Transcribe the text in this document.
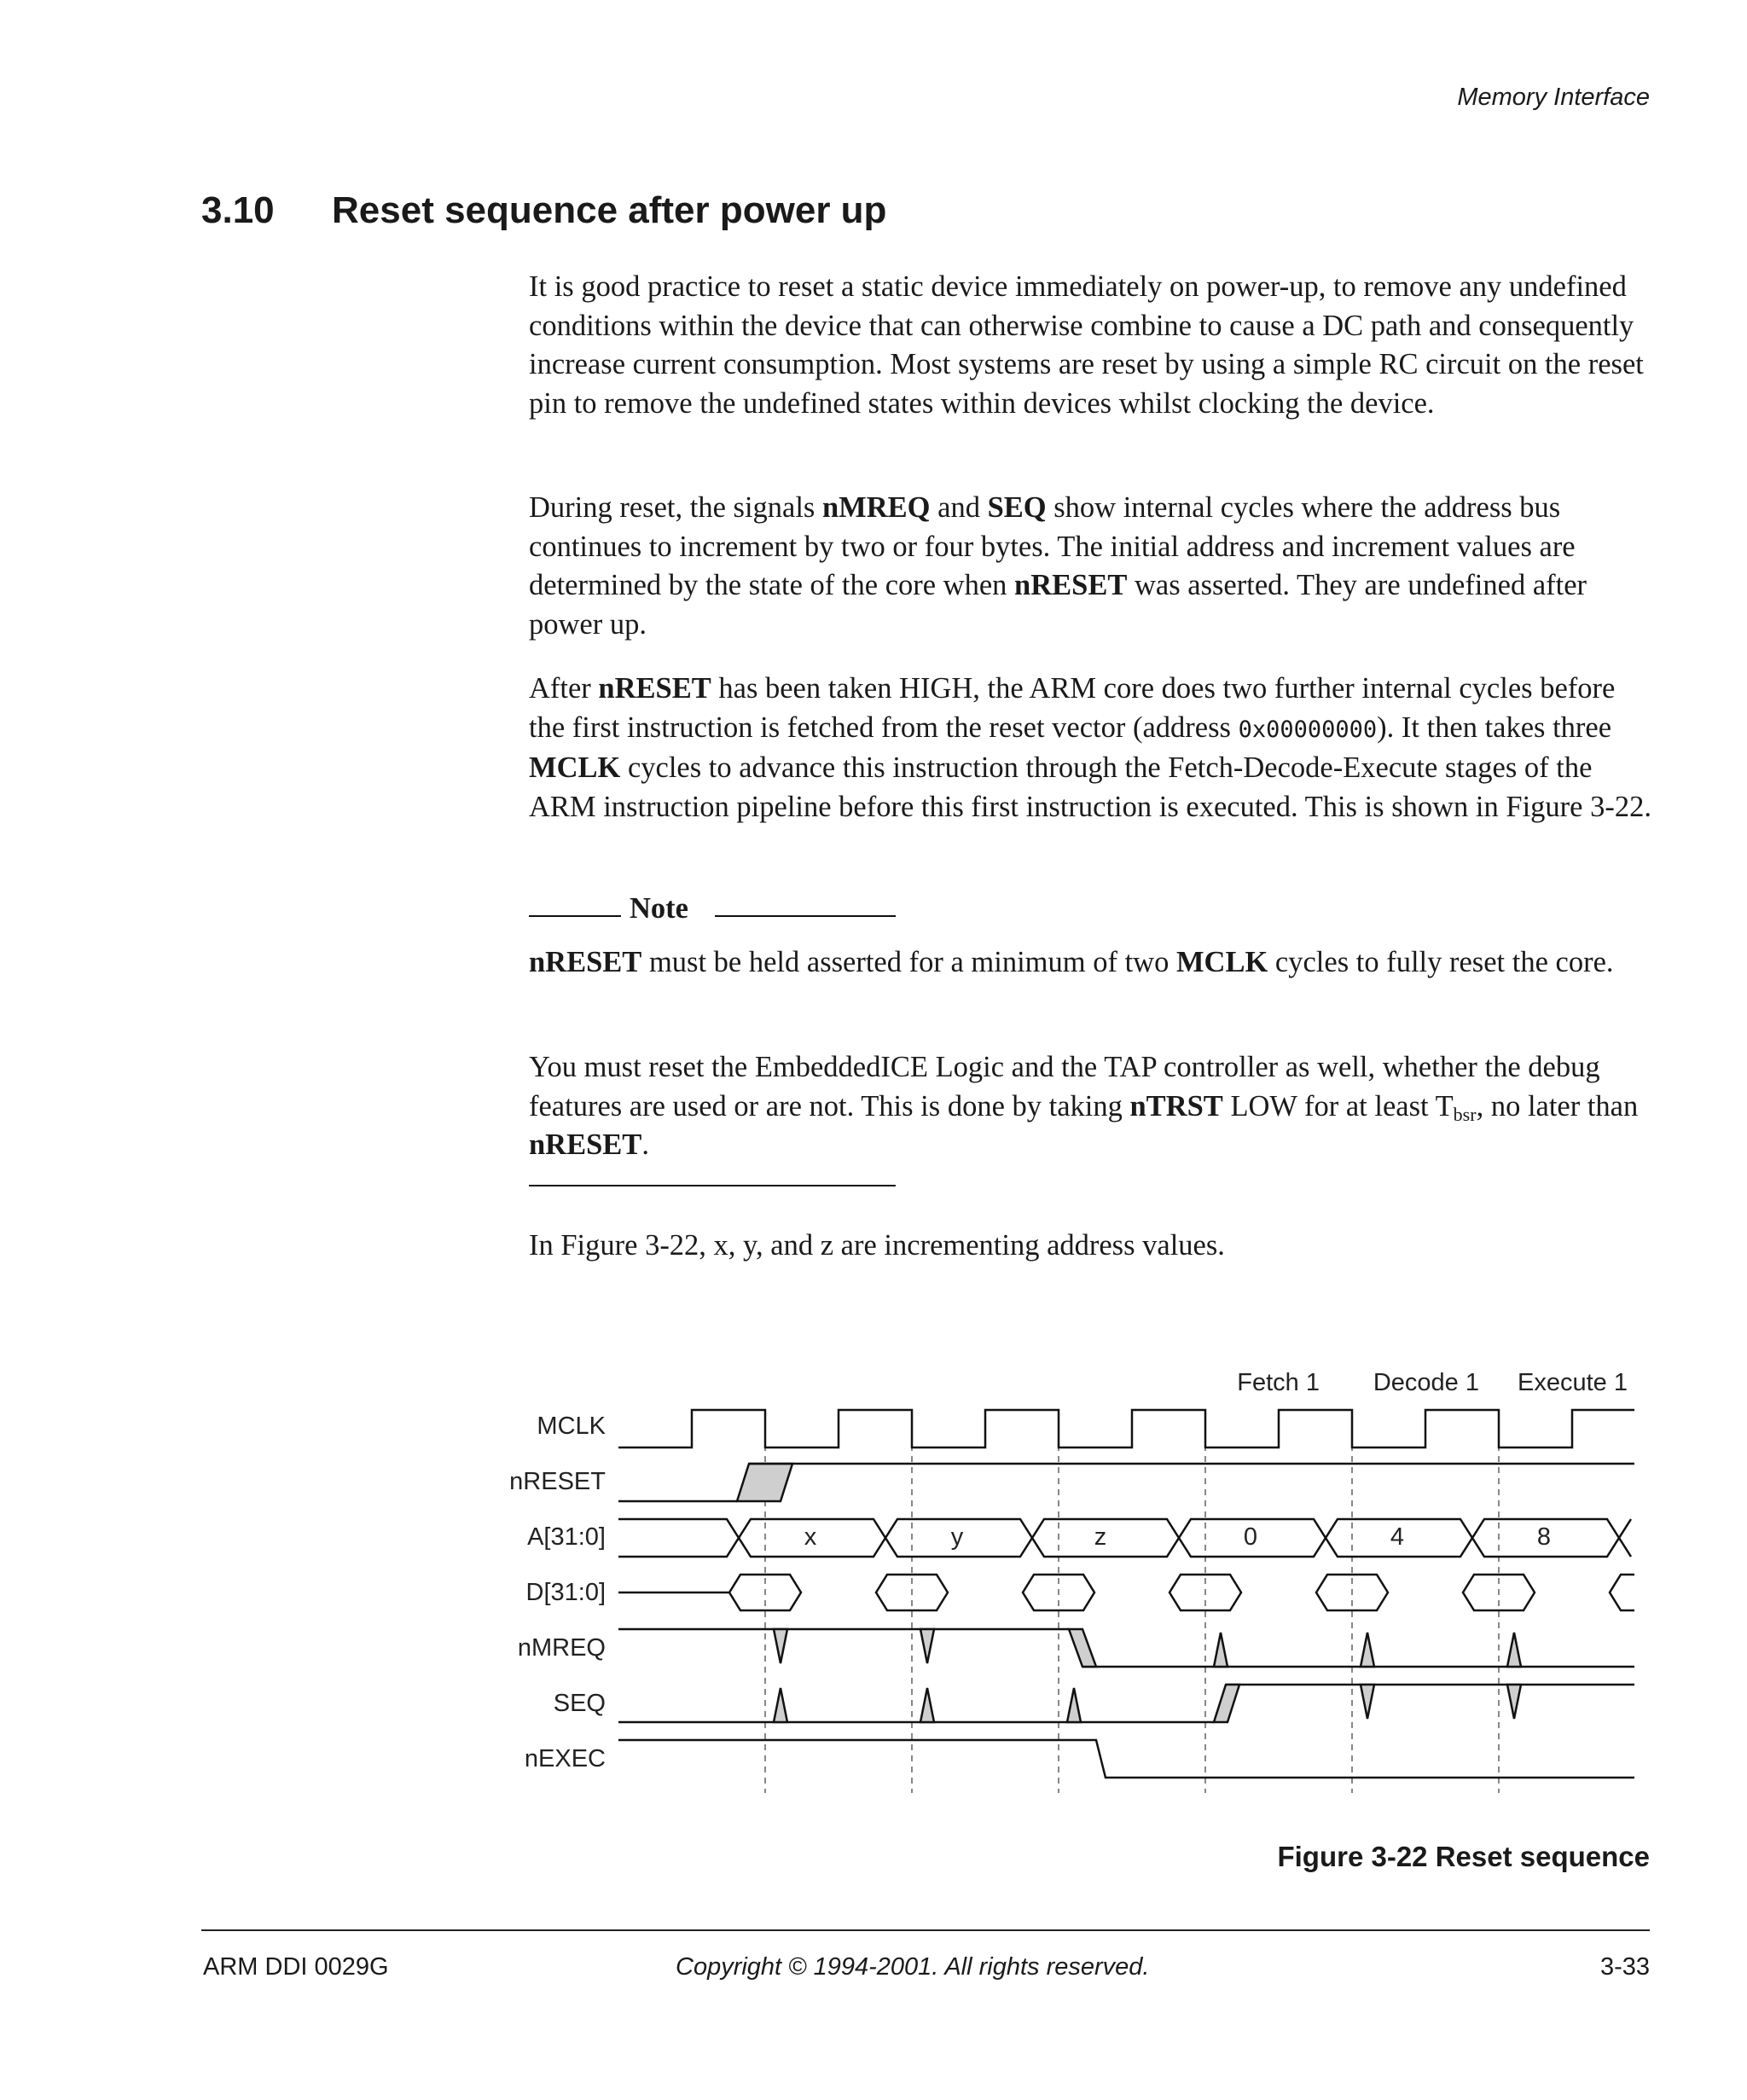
Memory Interface
3.10 Reset sequence after power up

It is good practice to reset a static device immediately on power-up, to remove any undefined conditions within the device that can otherwise combine to cause a DC path and consequently increase current consumption. Most systems are reset by using a simple RC circuit on the reset pin to remove the undefined states within devices whilst clocking the device.

During reset, the signals nMREQ and SEQ show internal cycles where the address bus continues to increment by two or four bytes. The initial address and increment values are determined by the state of the core when nRESET was asserted. They are undefined after power up.

After nRESET has been taken HIGH, the ARM core does two further internal cycles before the first instruction is fetched from the reset vector (address 0x00000000). It then takes three MCLK cycles to advance this instruction through the Fetch-Decode-Execute stages of the ARM instruction pipeline before this first instruction is executed. This is shown in Figure 3-22.

Note

nRESET must be held asserted for a minimum of two MCLK cycles to fully reset the core.

You must reset the EmbeddedICE Logic and the TAP controller as well, whether the debug features are used or are not. This is done by taking nTRST LOW for at least $T_{bsr}$, no later than nRESET.

In Figure 3-22, x, y, and z are incrementing address values.

Fetch 1 Decode 1 Execute 1
MCLK
nRESET
A[31:0]
D[31:0]
nMREQ
SEQ
nEXEC
x	y	z	0	4	8
Figure 3-22 Reset sequence
ARM DDI 0029G	Copyright © 1994-2001. All rights reserved.	3-33
